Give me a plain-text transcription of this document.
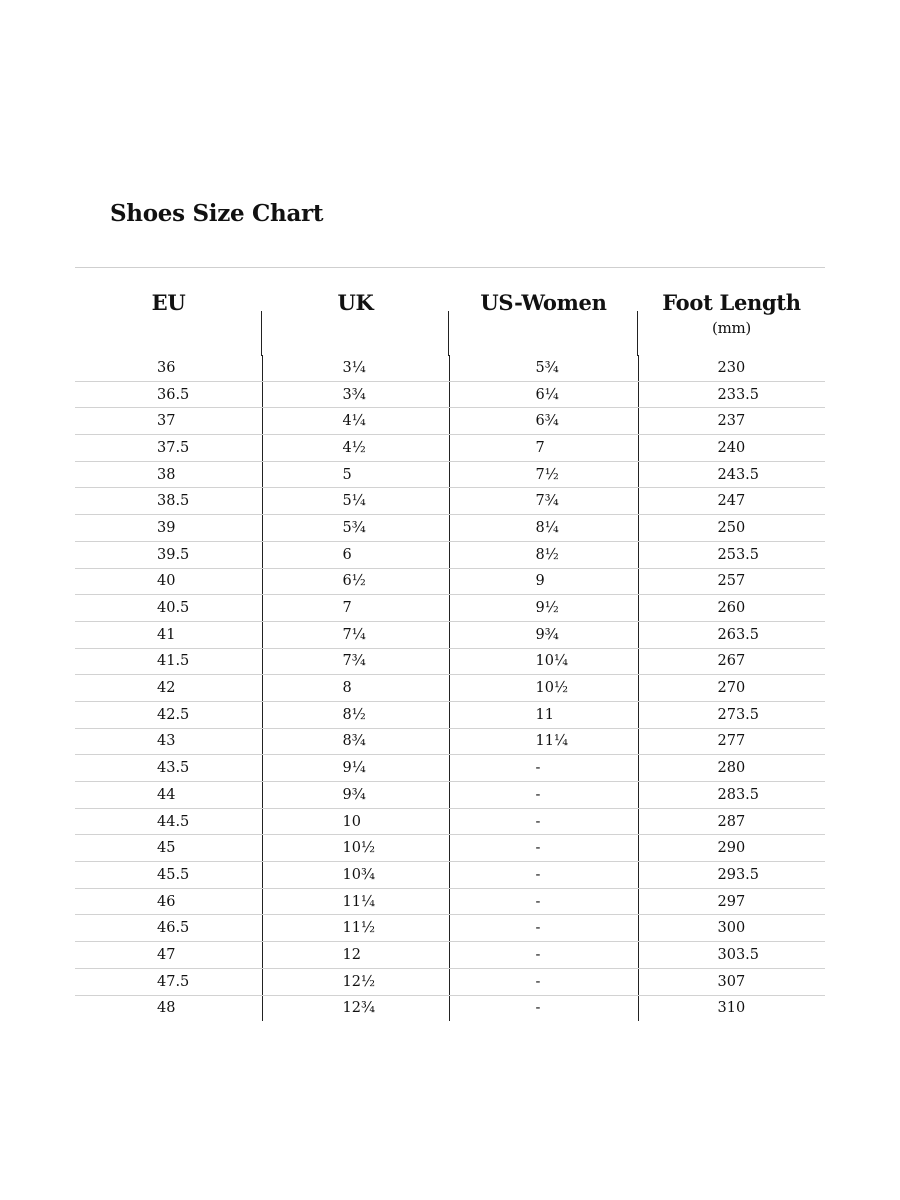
Shoes Size Chart
EU	UK	US-Women	Foot Length
(mm)

36	3¼	5¾	230
36.5	3¾	6¼	233.5
37	4¼	6¾	237
37.5	4½	7	240
38	5	7½	243.5
38.5	5¼	7¾	247
39	5¾	8¼	250
39.5	6	8½	253.5
40	6½	9	257
40.5	7	9½	260
41	7¼	9¾	263.5
41.5	7¾	10¼	267
42	8	10½	270
42.5	8½	11	273.5
43	8¾	11¼	277
43.5	9¼	-	280
44	9¾	-	283.5
44.5	10	-	287
45	10½	-	290
45.5	10¾	-	293.5
46	11¼	-	297
46.5	11½	-	300
47	12	-	303.5
47.5	12½	-	307
48	12¾	-	310
